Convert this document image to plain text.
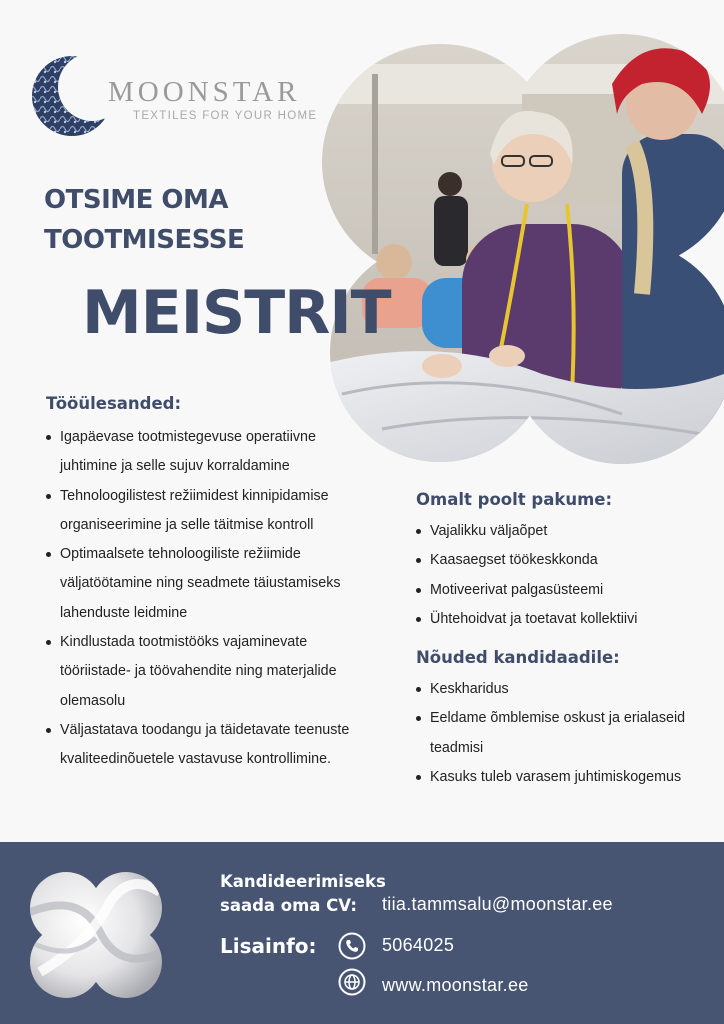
MOONSTAR
TEXTILES FOR YOUR HOME
OTSIME OMA
TOOTMISESSE
MEISTRIT
Tööülesanded:
Igapäevase tootmistegevuse operatiivne juhtimine ja selle sujuv korraldamine
Tehnoloogilistest režiimidest kinnipidamise organiseerimine ja selle täitmise kontroll
Optimaalsete tehnoloogiliste režiimide väljatöötamine ning seadmete täiustamiseks lahenduste leidmine
Kindlustada tootmistööks vajaminevate tööriistade- ja töövahendite ning materjalide olemasolu
Väljastatava toodangu ja täidetavate teenuste kvaliteedinõuetele vastavuse kontrollimine.
Omalt poolt pakume:
Vajalikku väljaõpet
Kaasaegset töökeskkonda
Motiveerivat palgasüsteemi
Ühtehoidvat ja toetavat kollektiivi
Nõuded kandidaadile:
Keskharidus
Eeldame õmblemise oskust ja erialaseid teadmisi
Kasuks tuleb varasem juhtimiskogemus
Kandideerimiseks
saada oma CV:	tiia.tammsalu@moonstar.ee
Lisainfo:	5064025
www.moonstar.ee
